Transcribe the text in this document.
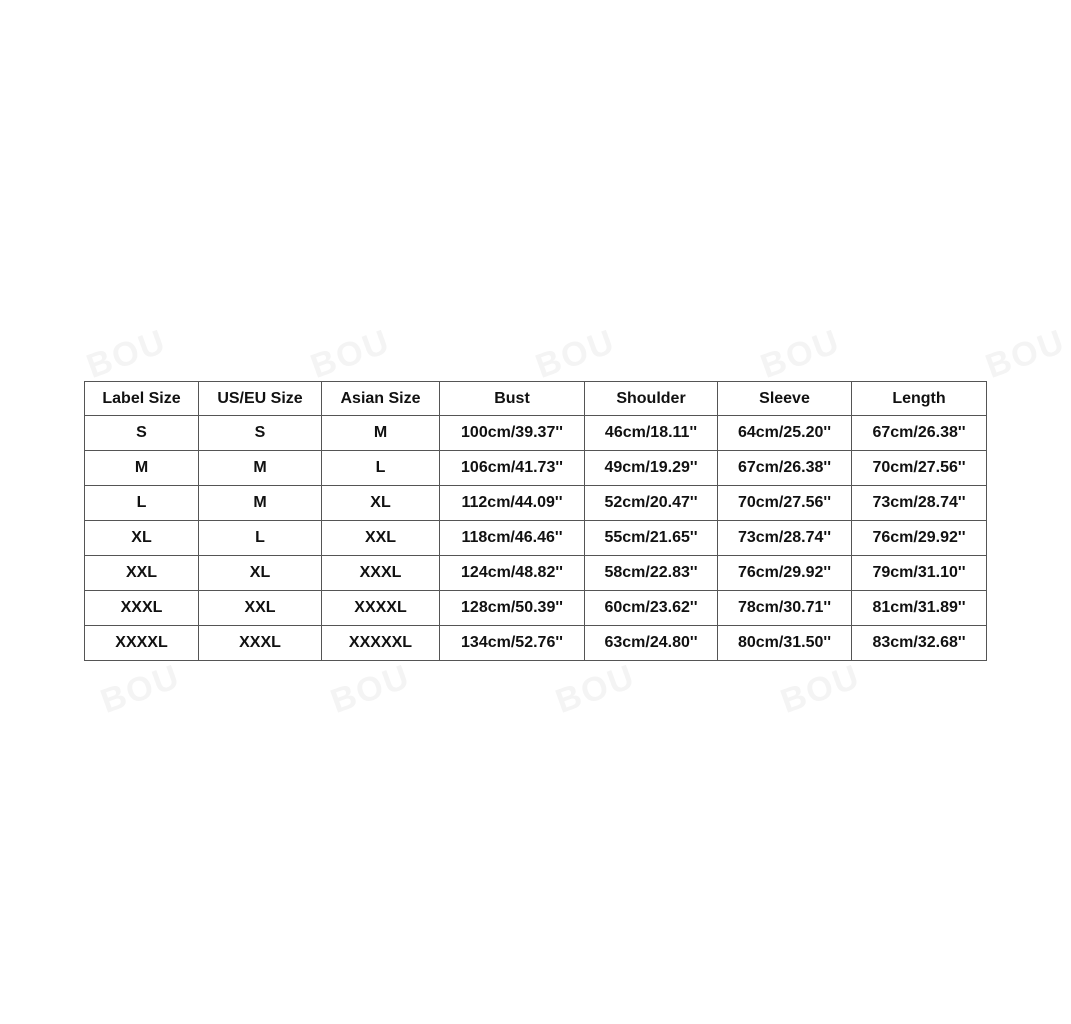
BOU	BOU	BOU	BOU	BOU
BOU	BOU	BOU	BOU
Label Size	US/EU Size	Asian Size	Bust	Shoulder	Sleeve	Length
S	S	M	100cm/39.37''	46cm/18.11''	64cm/25.20''	67cm/26.38''
M	M	L	106cm/41.73''	49cm/19.29''	67cm/26.38''	70cm/27.56''
L	M	XL	112cm/44.09''	52cm/20.47''	70cm/27.56''	73cm/28.74''
XL	L	XXL	118cm/46.46''	55cm/21.65''	73cm/28.74''	76cm/29.92''
XXL	XL	XXXL	124cm/48.82''	58cm/22.83''	76cm/29.92''	79cm/31.10''
XXXL	XXL	XXXXL	128cm/50.39''	60cm/23.62''	78cm/30.71''	81cm/31.89''
XXXXL	XXXL	XXXXXL	134cm/52.76''	63cm/24.80''	80cm/31.50''	83cm/32.68''
